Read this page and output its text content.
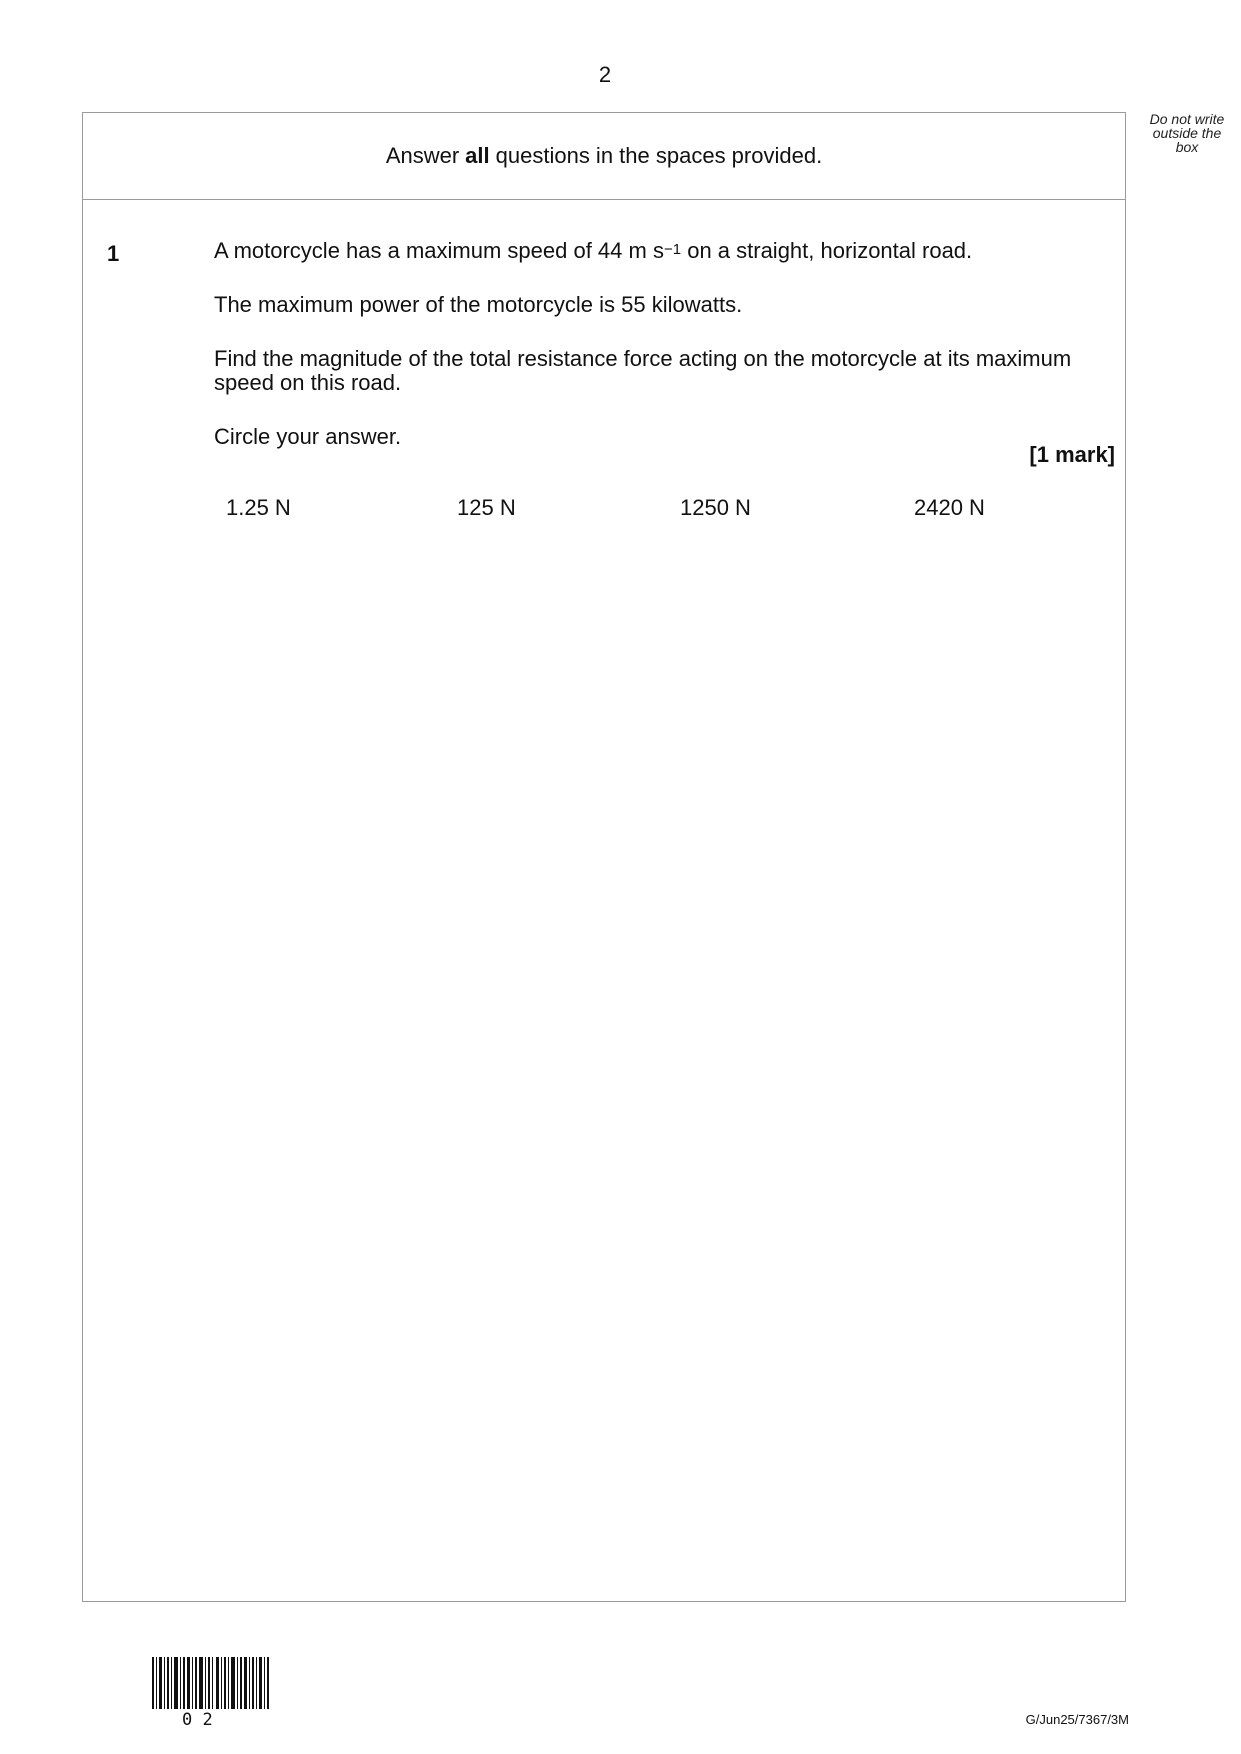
2
Do not write outside the box
Answer all questions in the spaces provided.
1	A motorcycle has a maximum speed of 44 m $s^{-1}$ on a straight, horizontal road.

The maximum power of the motorcycle is 55 kilowatts.

Find the magnitude of the total resistance force acting on the motorcycle at its maximum speed on this road.

Circle your answer.

[1 mark]
1.25 N	125 N	1250 N	2420 N
0 2	G/Jun25/7367/3M
